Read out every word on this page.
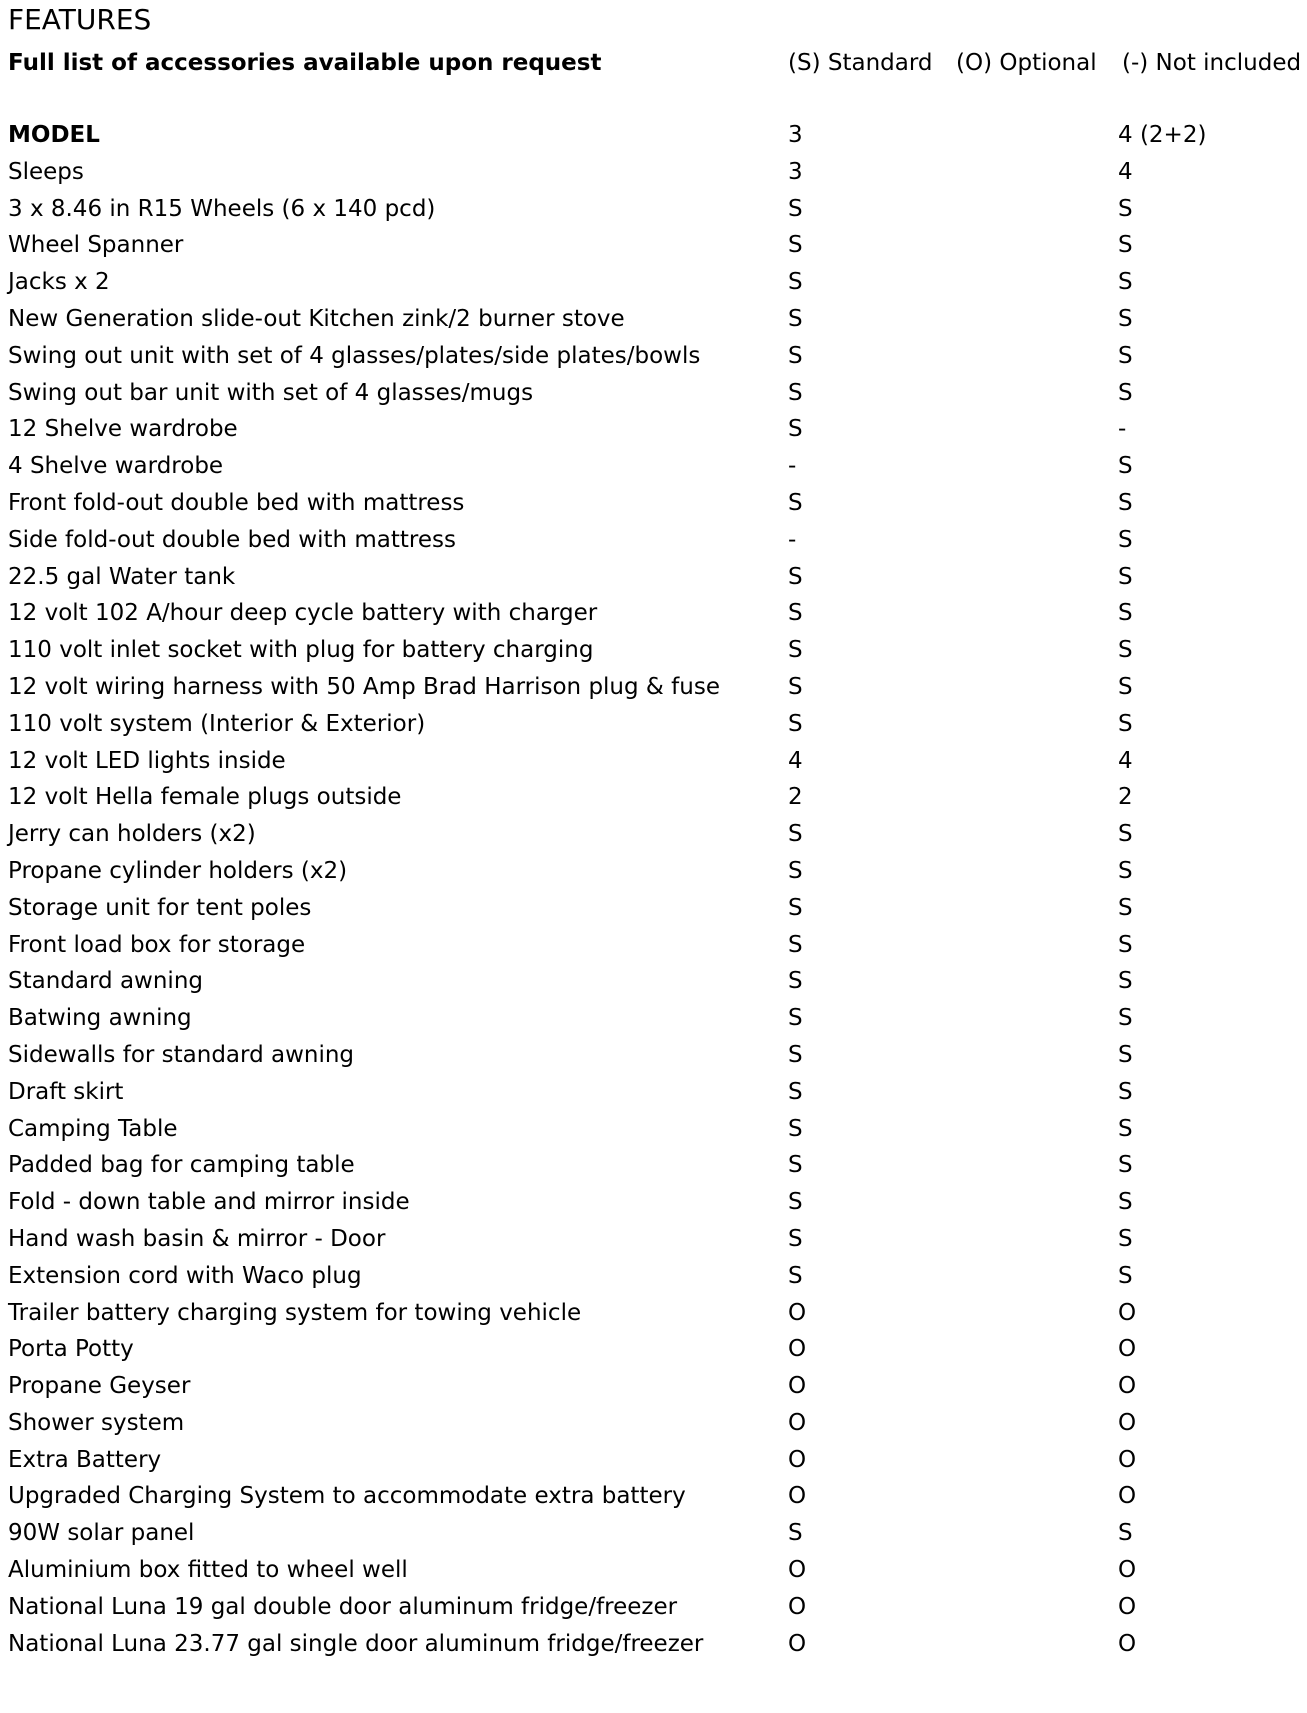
FEATURES
Full list of accessories available upon request	(S) Standard (O) Optional (-) Not included
MODEL	3	4 (2+2)
Sleeps	3	4
3 x 8.46 in R15 Wheels (6 x 140 pcd)	S	S
Wheel Spanner	S	S
Jacks x 2	S	S
New Generation slide-out Kitchen zink/2 burner stove	S	S
Swing out unit with set of 4 glasses/plates/side plates/bowls	S	S
Swing out bar unit with set of 4 glasses/mugs	S	S
12 Shelve wardrobe	S	-
4 Shelve wardrobe	-	S
Front fold-out double bed with mattress	S	S
Side fold-out double bed with mattress	-	S
22.5 gal Water tank	S	S
12 volt 102 A/hour deep cycle battery with charger	S	S
110 volt inlet socket with plug for battery charging	S	S
12 volt wiring harness with 50 Amp Brad Harrison plug & fuse	S	S
110 volt system (Interior & Exterior)	S	S
12 volt LED lights inside	4	4
12 volt Hella female plugs outside	2	2
Jerry can holders (x2)	S	S
Propane cylinder holders (x2)	S	S
Storage unit for tent poles	S	S
Front load box for storage	S	S
Standard awning	S	S
Batwing awning	S	S
Sidewalls for standard awning	S	S
Draft skirt	S	S
Camping Table	S	S
Padded bag for camping table	S	S
Fold - down table and mirror inside	S	S
Hand wash basin & mirror - Door	S	S
Extension cord with Waco plug	S	S
Trailer battery charging system for towing vehicle	O	O
Porta Potty	O	O
Propane Geyser	O	O
Shower system	O	O
Extra Battery	O	O
Upgraded Charging System to accommodate extra battery	O	O
90W solar panel	S	S
Aluminium box fitted to wheel well	O	O
National Luna 19 gal double door aluminum fridge/freezer	O	O
National Luna 23.77 gal single door aluminum fridge/freezer	O	O
